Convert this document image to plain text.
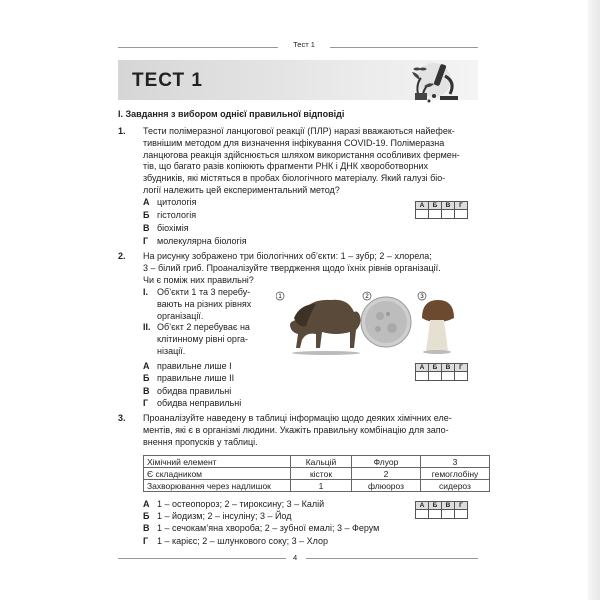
Тест 1
ТЕСТ 1
I. Завдання з вибором однієї правильної відповіді
1. Тести полімеразної ланцюгової реакції (ПЛР) наразі вважаються найефек-
тивнішим методом для визначення інфікування COVID-19. Полімеразна
ланцюгова реакція здійснюється шляхом використання особливих фермен-
тів, що багато разів копіюють фрагменти РНК і ДНК хвороботворних
збудників, які містяться в пробах біологічного матеріалу. Який галузі біо-
логії належить цей експериментальний метод?
А цитологія
Б гістологія
В біохімія
Г молекулярна біологія
А	Б	В	Г

2. На рисунку зображено три біологічних об’єкти: 1 – зубр; 2 – хлорела;
3 – білий гриб. Проаналізуйте твердження щодо їхніх рівнів організації.
Чи є поміж них правильні?
I. Об’єкти 1 та 3 перебу-
вають на різних рівнях
організації.
II. Об’єкт 2 перебуває на
клітинному рівні орга-
нізації.
1	2	3
А правильне лише І
Б правильне лише ІІ
В обидва правильні
Г обидва неправильні
А	Б	В	Г

3. Проаналізуйте наведену в таблиці інформацію щодо деяких хімічних еле-
ментів, які є в організмі людини. Укажіть правильну комбінацію для запо-
внення пропусків у таблиці.
Хімічний елемент	Кальцій	Флуор	3
Є складником	кісток	2	гемоглобіну
Захворювання через надлишок	1	флюороз	сидероз
А 1 – остеопороз; 2 – тироксину; 3 – Калій
Б 1 – йодизм; 2 – інсуліну; 3 – Йод
В 1 – сечокам’яна хвороба; 2 – зубної емалі; 3 – Ферум
Г 1 – карієс; 2 – шлункового соку; 3 – Хлор
А	Б	В	Г

4
